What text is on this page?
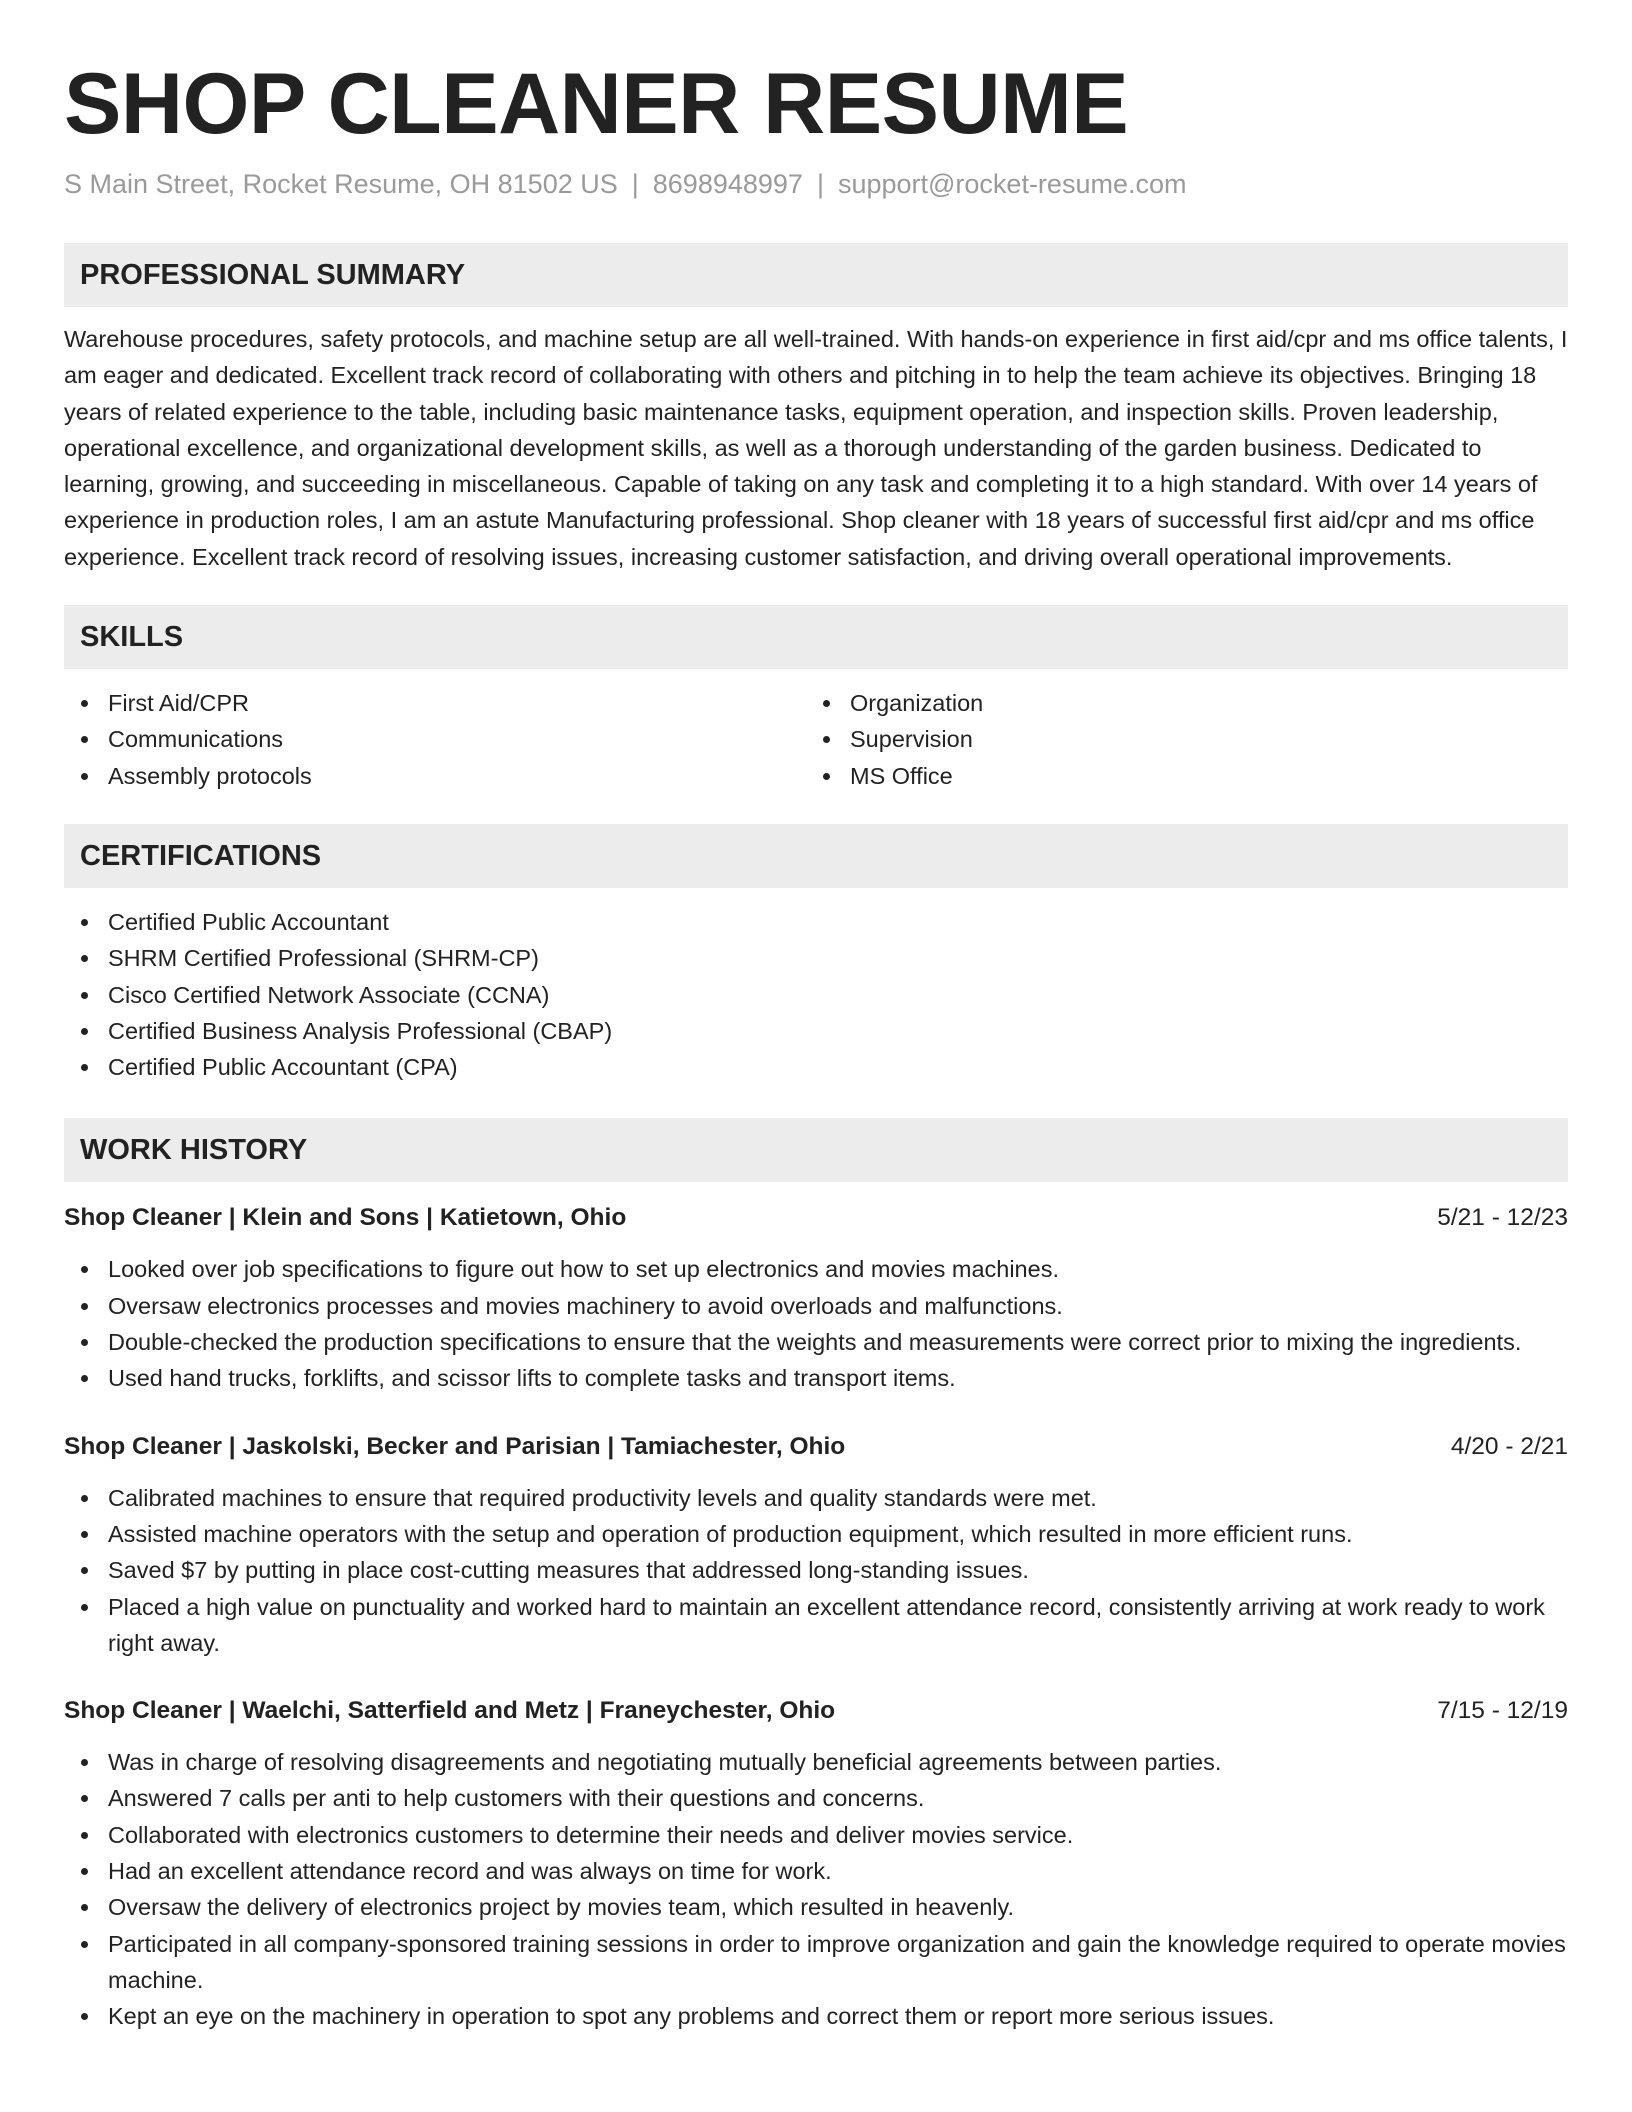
SHOP CLEANER RESUME
S Main Street, Rocket Resume, OH 81502 US | 8698948997 | support@rocket-resume.com
PROFESSIONAL SUMMARY

Warehouse procedures, safety protocols, and machine setup are all well-trained. With hands-on experience in first aid/cpr and ms office talents, I am eager and dedicated. Excellent track record of collaborating with others and pitching in to help the team achieve its objectives. Bringing 18 years of related experience to the table, including basic maintenance tasks, equipment operation, and inspection skills. Proven leadership, operational excellence, and organizational development skills, as well as a thorough understanding of the garden business. Dedicated to learning, growing, and succeeding in miscellaneous. Capable of taking on any task and completing it to a high standard. With over 14 years of experience in production roles, I am an astute Manufacturing professional. Shop cleaner with 18 years of successful first aid/cpr and ms office experience. Excellent track record of resolving issues, increasing customer satisfaction, and driving overall operational improvements.

SKILLS
First Aid/CPR
Communications
Assembly protocols
Organization
Supervision
MS Office
CERTIFICATIONS
Certified Public Accountant
SHRM Certified Professional (SHRM-CP)
Cisco Certified Network Associate (CCNA)
Certified Business Analysis Professional (CBAP)
Certified Public Accountant (CPA)
WORK HISTORY
Shop Cleaner | Klein and Sons | Katietown, Ohio	5/21 - 12/23
Looked over job specifications to figure out how to set up electronics and movies machines.
Oversaw electronics processes and movies machinery to avoid overloads and malfunctions.
Double-checked the production specifications to ensure that the weights and measurements were correct prior to mixing the ingredients.
Used hand trucks, forklifts, and scissor lifts to complete tasks and transport items.
Shop Cleaner | Jaskolski, Becker and Parisian | Tamiachester, Ohio	4/20 - 2/21
Calibrated machines to ensure that required productivity levels and quality standards were met.
Assisted machine operators with the setup and operation of production equipment, which resulted in more efficient runs.
Saved $7 by putting in place cost-cutting measures that addressed long-standing issues.
Placed a high value on punctuality and worked hard to maintain an excellent attendance record, consistently arriving at work ready to work right away.
Shop Cleaner | Waelchi, Satterfield and Metz | Franeychester, Ohio	7/15 - 12/19
Was in charge of resolving disagreements and negotiating mutually beneficial agreements between parties.
Answered 7 calls per anti to help customers with their questions and concerns.
Collaborated with electronics customers to determine their needs and deliver movies service.
Had an excellent attendance record and was always on time for work.
Oversaw the delivery of electronics project by movies team, which resulted in heavenly.
Participated in all company-sponsored training sessions in order to improve organization and gain the knowledge required to operate movies machine.
Kept an eye on the machinery in operation to spot any problems and correct them or report more serious issues.
